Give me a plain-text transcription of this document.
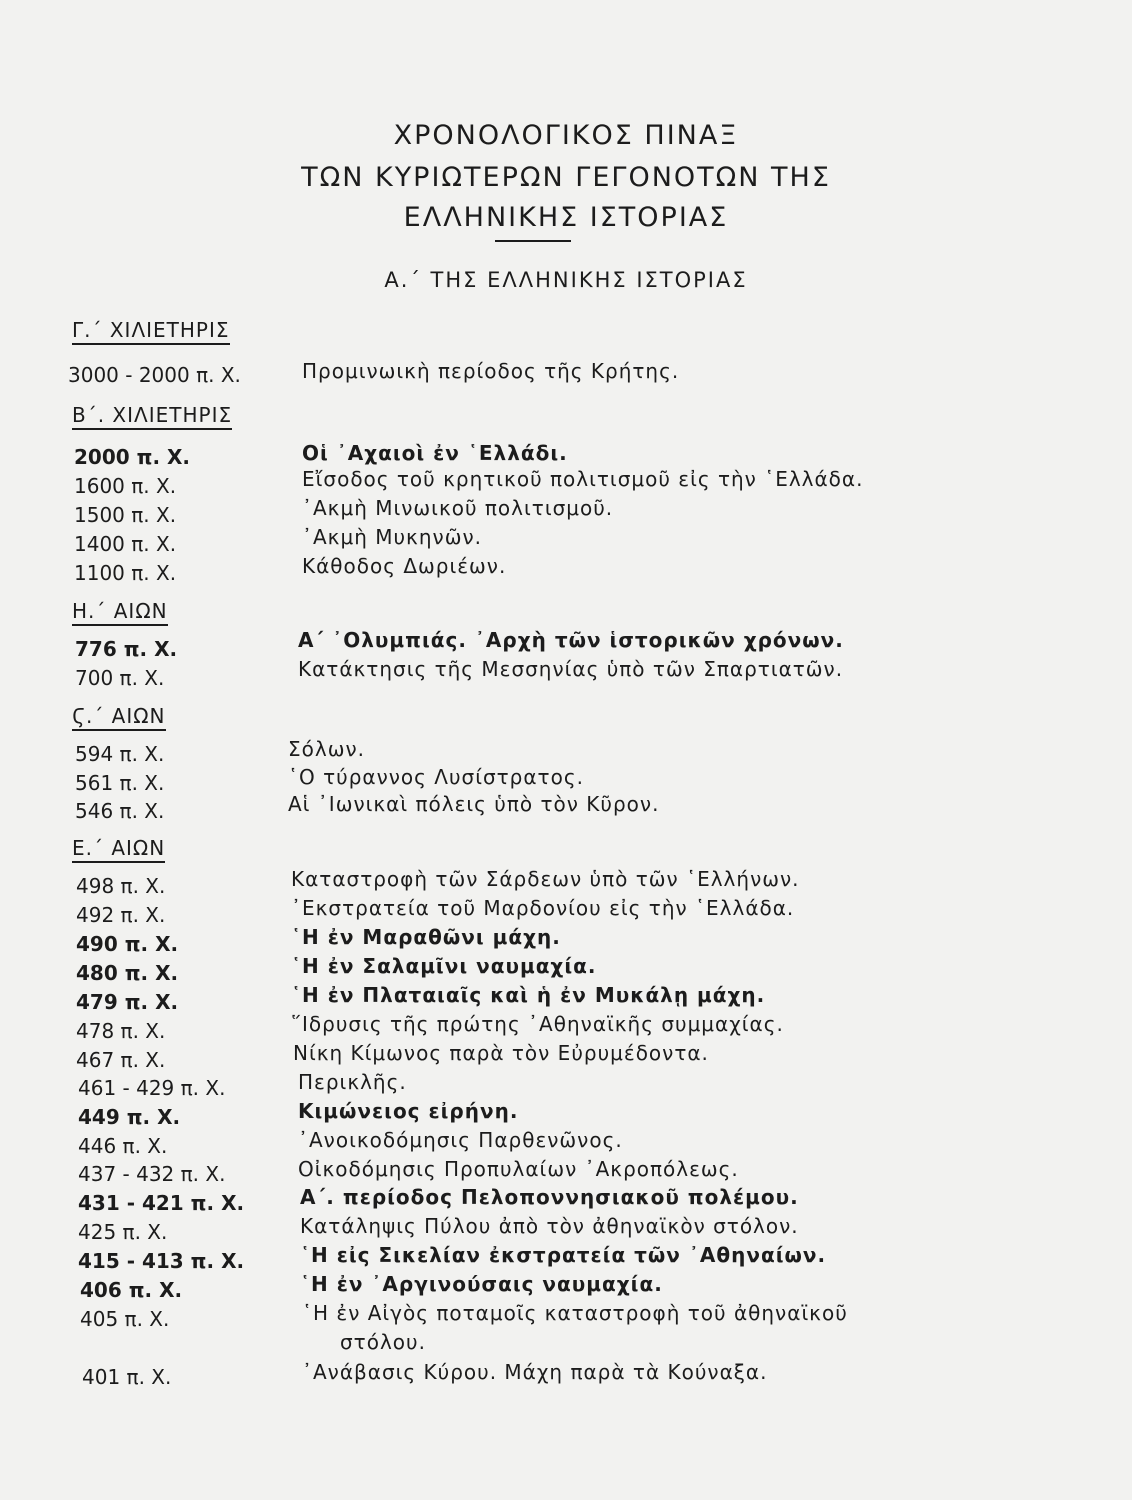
ΧΡΟΝΟΛΟΓΙΚΟΣ ΠΙΝΑΞ
ΤΩΝ ΚΥΡΙΩΤΕΡΩΝ ΓΕΓΟΝΟΤΩΝ ΤΗΣ
ΕΛΛΗΝΙΚΗΣ ΙΣΤΟΡΙΑΣ
Α.΄ ΤΗΣ ΕΛΛΗΝΙΚΗΣ ΙΣΤΟΡΙΑΣ
Γ.΄ ΧΙΛΙΕΤΗΡΙΣ
Β΄. ΧΙΛΙΕΤΗΡΙΣ
Η.΄ ΑΙΩΝ
Ϛ.΄ ΑΙΩΝ
Ε.΄ ΑΙΩΝ
3000 - 2000 π. Χ.	Προμινωικὴ περίοδος τῆς Κρήτης.
2000 π. Χ.	Οἱ ᾿Αχαιοὶ ἐν ῾Ελλάδι.
1600 π. Χ.	Εἴσοδος τοῦ κρητικοῦ πολιτισμοῦ εἰς τὴν ῾Ελλάδα.
1500 π. Χ.	᾿Ακμὴ Μινωικοῦ πολιτισμοῦ.
1400 π. Χ.	᾿Ακμὴ Μυκηνῶν.
1100 π. Χ.	Κάθοδος Δωριέων.
776 π. Χ.	Α΄ ᾿Ολυμπιάς. ᾿Αρχὴ τῶν ἱστορικῶν χρόνων.
700 π. Χ.	Κατάκτησις τῆς Μεσσηνίας ὑπὸ τῶν Σπαρτιατῶν.
594 π. Χ.	Σόλων.
561 π. Χ.	῾Ο τύραννος Λυσίστρατος.
546 π. Χ.	Αἱ ᾿Ιωνικαὶ πόλεις ὑπὸ τὸν Κῦρον.
498 π. Χ.	Καταστροφὴ τῶν Σάρδεων ὑπὸ τῶν ῾Ελλήνων.
492 π. Χ.	᾿Εκστρατεία τοῦ Μαρδονίου εἰς τὴν ῾Ελλάδα.
490 π. Χ.	῾Η ἐν Μαραθῶνι μάχη.
480 π. Χ.	῾Η ἐν Σαλαμῖνι ναυμαχία.
479 π. Χ.	῾Η ἐν Πλαταιαῖς καὶ ἡ ἐν Μυκάλῃ μάχη.
478 π. Χ.	῞Ιδρυσις τῆς πρώτης ᾿Αθηναϊκῆς συμμαχίας.
467 π. Χ.	Νίκη Κίμωνος παρὰ τὸν Εὐρυμέδοντα.
461 - 429 π. Χ.	Περικλῆς.
449 π. Χ.	Κιμώνειος εἰρήνη.
446 π. Χ.	᾿Ανοικοδόμησις Παρθενῶνος.
437 - 432 π. Χ.	Οἰκοδόμησις Προπυλαίων ᾿Ακροπόλεως.
431 - 421 π. Χ.	Α΄. περίοδος Πελοποννησιακοῦ πολέμου.
425 π. Χ.	Κατάληψις Πύλου ἀπὸ τὸν ἀθηναϊκὸν στόλον.
415 - 413 π. Χ.	῾Η εἰς Σικελίαν ἐκστρατεία τῶν ᾿Αθηναίων.
406 π. Χ.	῾Η ἐν ᾿Αργινούσαις ναυμαχία.
405 π. Χ.	῾Η ἐν Αἰγὸς ποταμοῖς καταστροφὴ τοῦ ἀθηναϊκοῦ
στόλου.
401 π. Χ.	᾿Ανάβασις Κύρου. Μάχη παρὰ τὰ Κούναξα.
